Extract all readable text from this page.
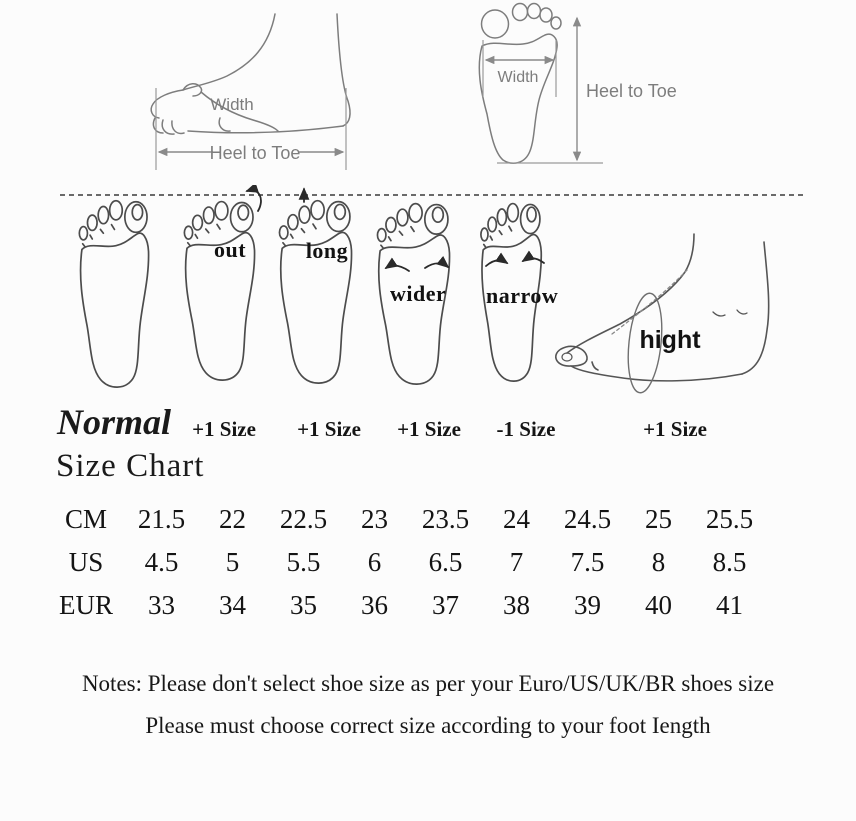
Width
Heel to Toe
Width
Heel to Toe
out	long
wider narrow
hight
Normal	+1 Size	+1 Size	+1 Size	-1 Size	+1 Size
Size Chart
CM	21.5	22	22.5	23	23.5	24	24.5	25	25.5
US	4.5	5	5.5	6	6.5	7	7.5	8	8.5
EUR	33	34	35	36	37	38	39	40	41
Notes: Please don't select shoe size as per your Euro/US/UK/BR shoes size
Please must choose correct size according to your foot Iength
